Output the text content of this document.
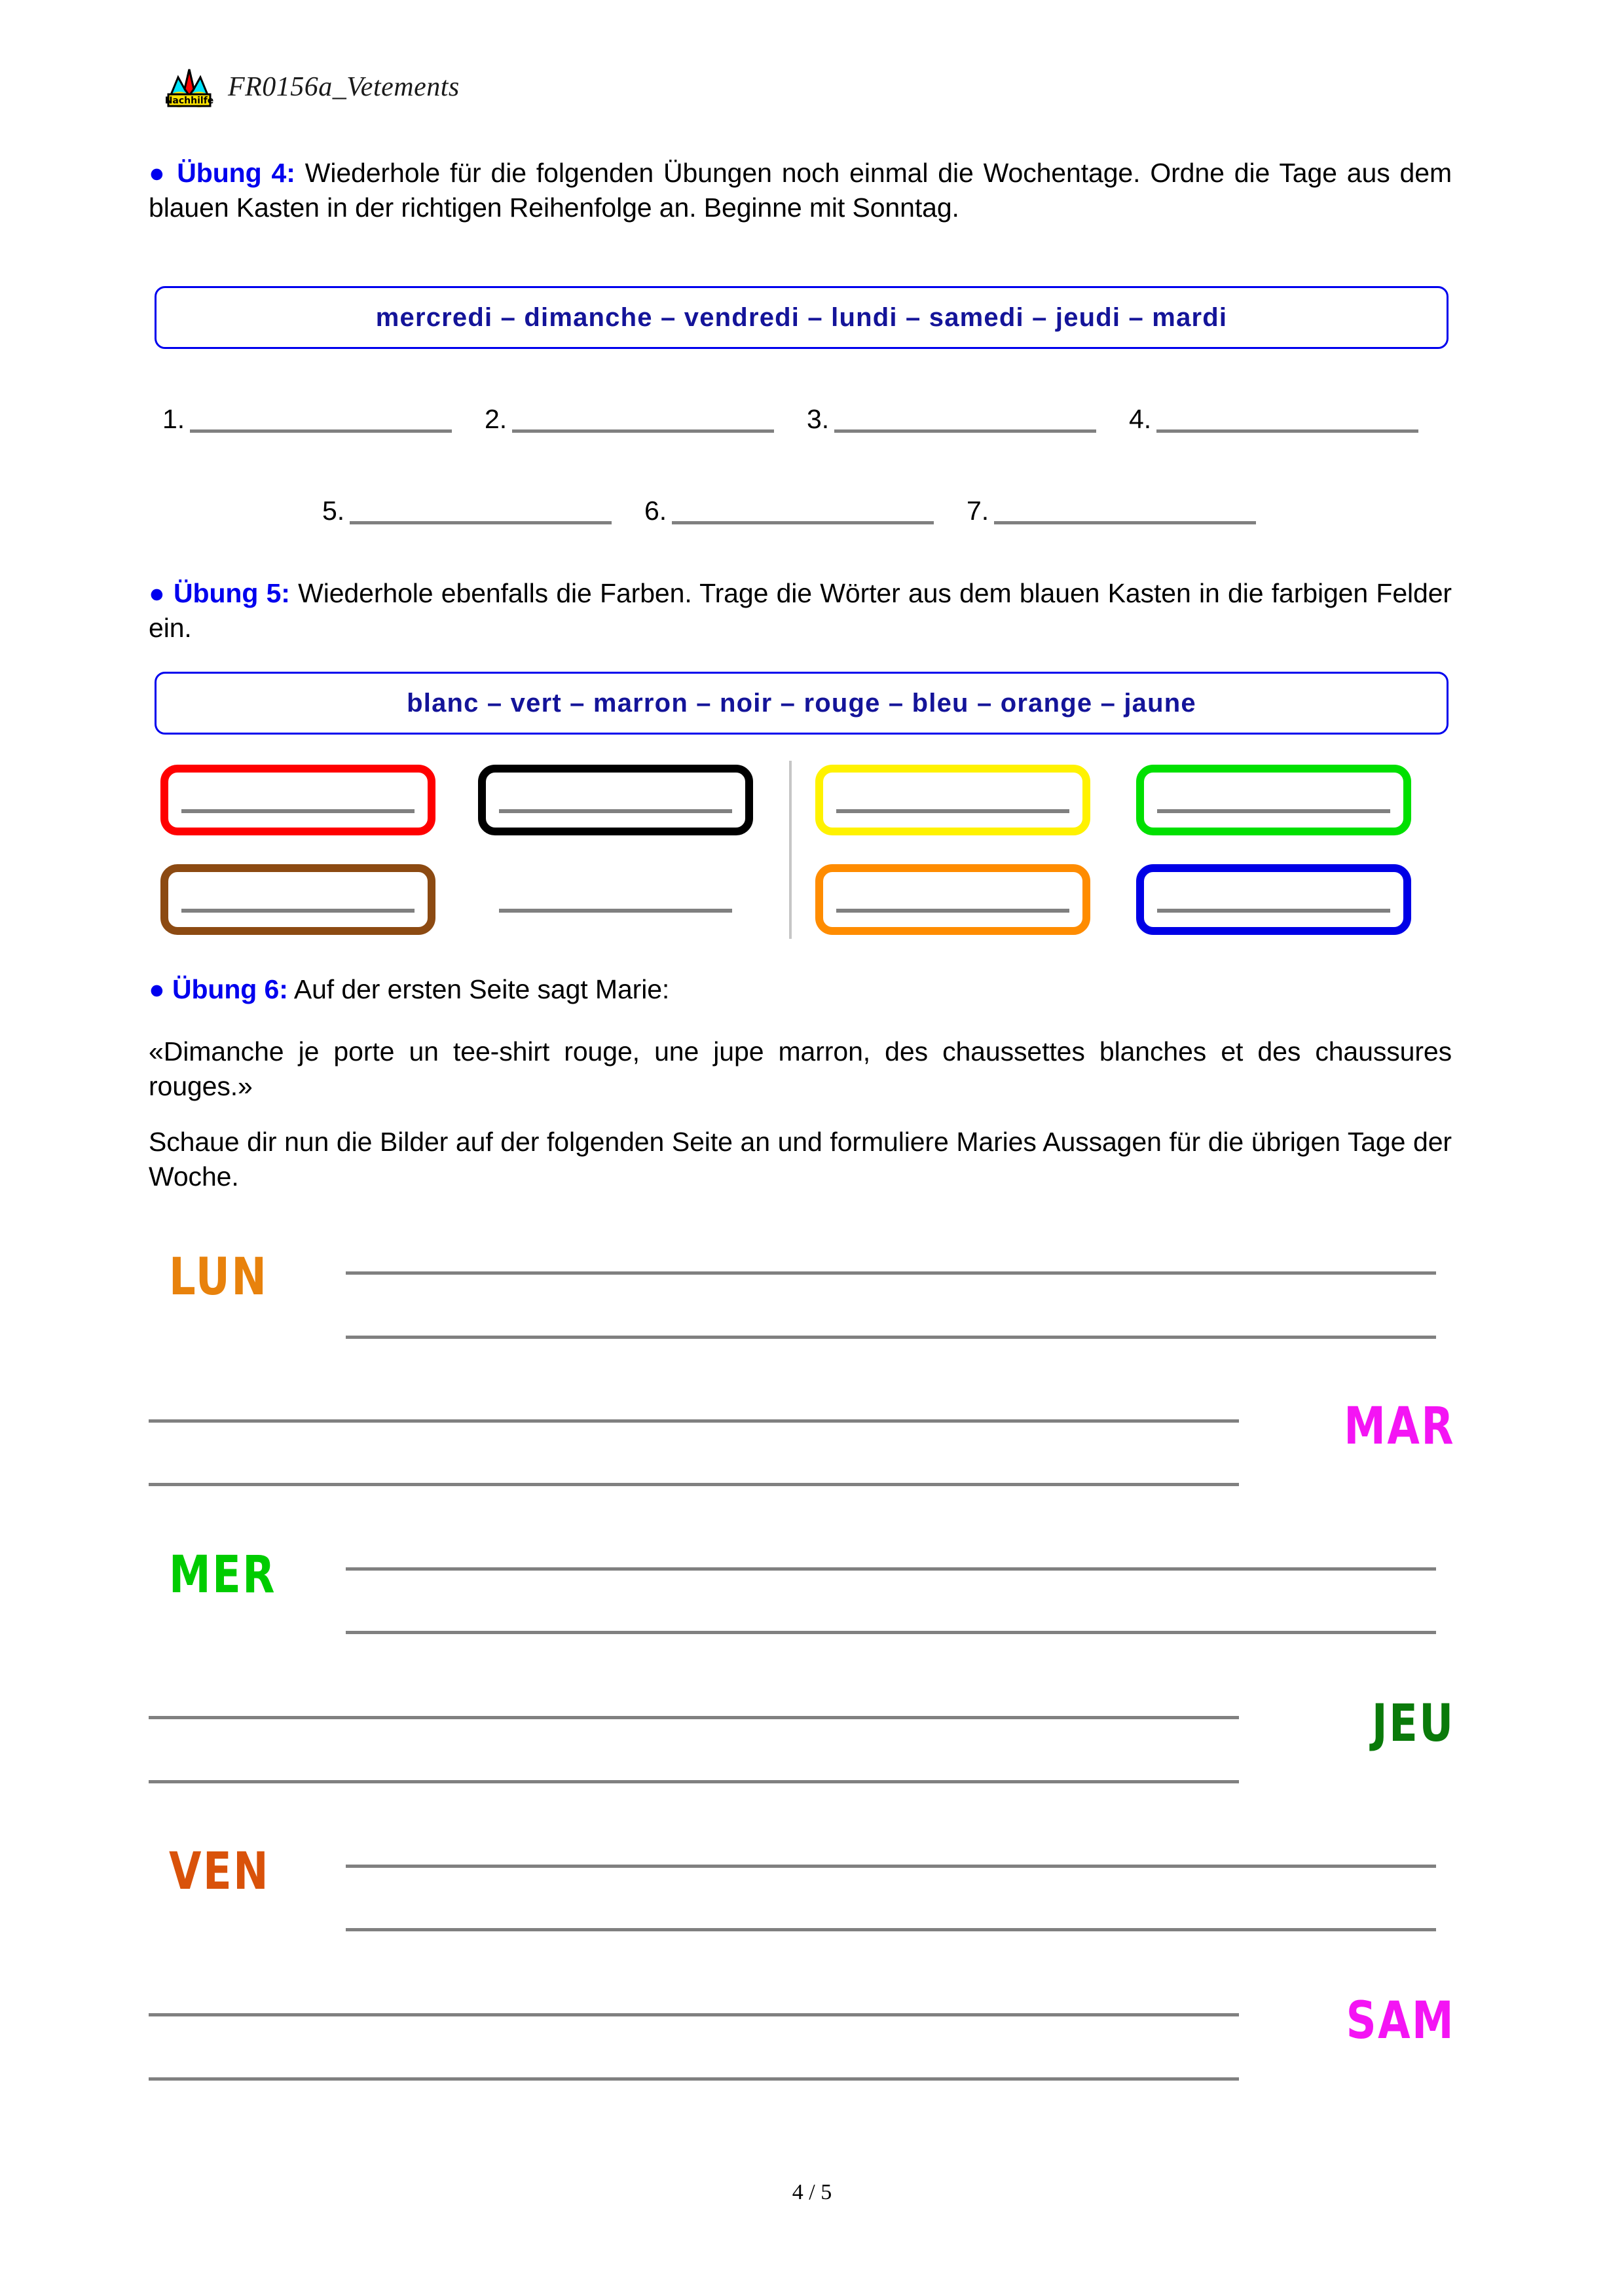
Nachhilfe FR0156a_Vetements
● Übung 4: Wiederhole für die folgenden Übungen noch einmal die Wochentage. Ordne die Tage aus dem blauen Kasten in der richtigen Reihenfolge an. Beginne mit Sonntag.
mercredi – dimanche – vendredi – lundi – samedi – jeudi – mardi
1.	2.	3.	4.
5.	6.	7.
● Übung 5: Wiederhole ebenfalls die Farben. Trage die Wörter aus dem blauen Kasten in die farbigen Felder ein.
blanc – vert – marron – noir – rouge – bleu – orange – jaune
● Übung 6: Auf der ersten Seite sagt Marie:
«Dimanche je porte un tee-shirt rouge, une jupe marron, des chaussettes blanches et des chaussures rouges.»
Schaue dir nun die Bilder auf der folgenden Seite an und formuliere Maries Aussagen für die übrigen Tage der Woche.
LUN
MAR
MER
JEU
VEN
SAM
4 / 5
